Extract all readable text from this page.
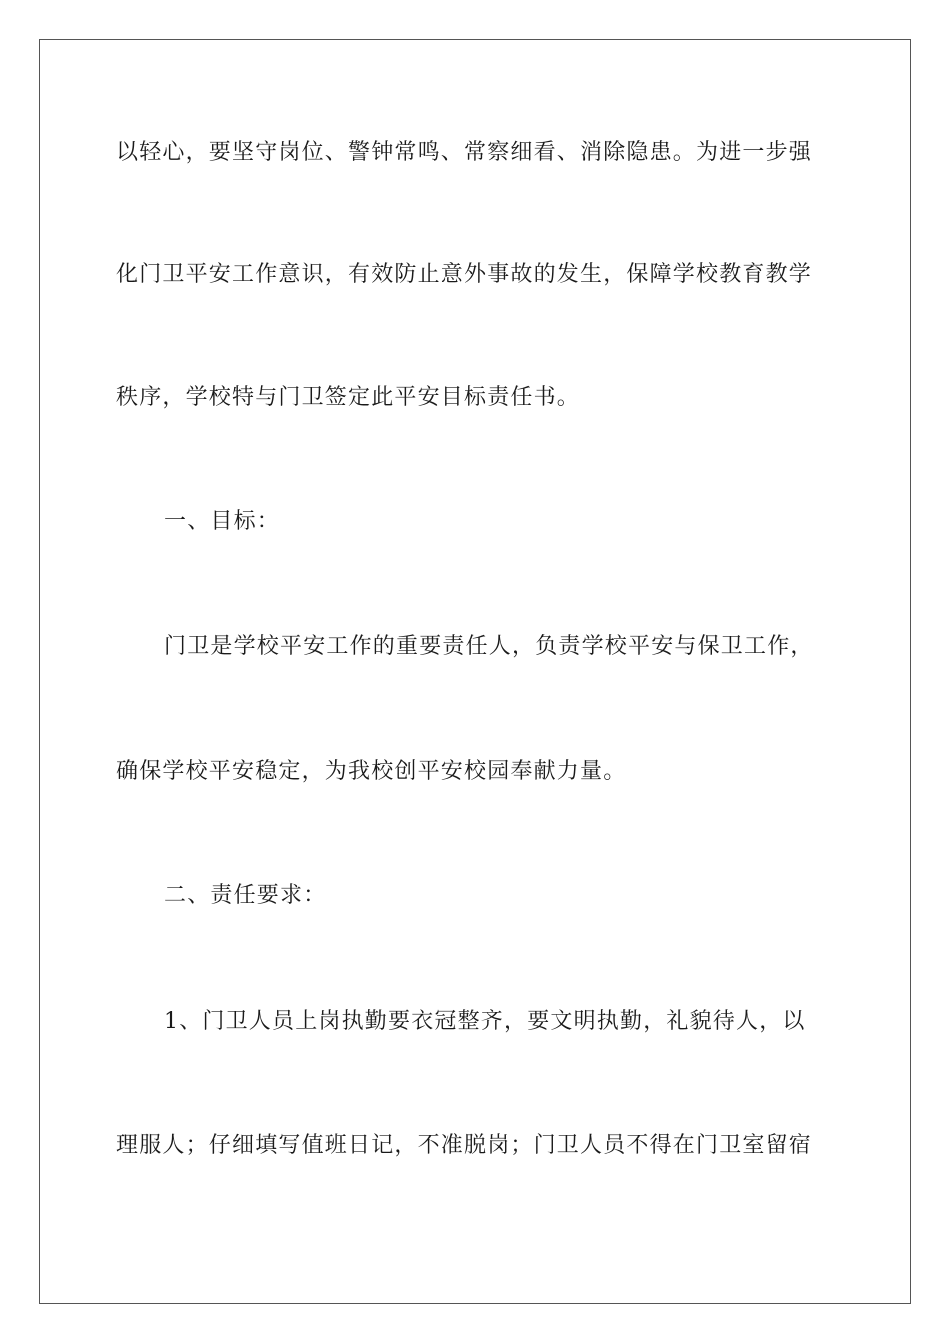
以轻心，要坚守岗位、警钟常鸣、常察细看、消除隐患。为进一步强
化门卫平安工作意识，有效防止意外事故的发生，保障学校教育教学
秩序，学校特与门卫签定此平安目标责任书。
一、目标：
门卫是学校平安工作的重要责任人，负责学校平安与保卫工作，
确保学校平安稳定，为我校创平安校园奉献力量。
二、责任要求：
1、门卫人员上岗执勤要衣冠整齐，要文明执勤，礼貌待人，以
理服人；仔细填写值班日记，不准脱岗；门卫人员不得在门卫室留宿
